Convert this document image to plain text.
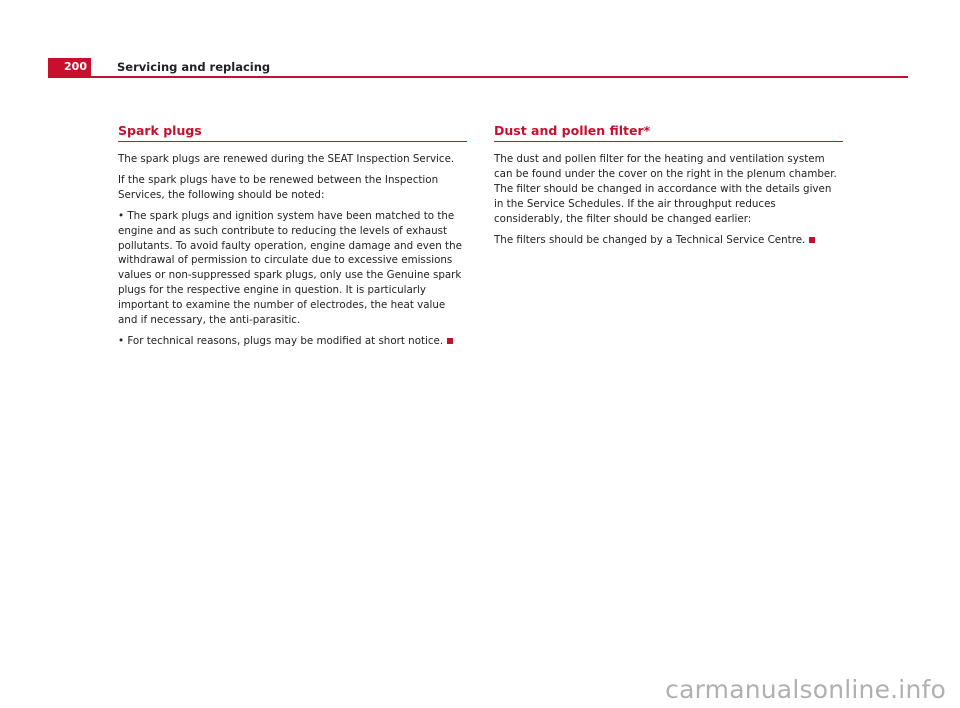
200	Servicing and replacing
Spark plugs

The spark plugs are renewed during the SEAT Inspection Service.

If the spark plugs have to be renewed between the Inspection Services, the following should be noted:

• The spark plugs and ignition system have been matched to the engine and as such contribute to reducing the levels of exhaust pollutants. To avoid faulty operation, engine damage and even the withdrawal of permission to circulate due to excessive emissions values or non-suppressed spark plugs, only use the Genuine spark plugs for the respective engine in question. It is particularly important to examine the number of electrodes, the heat value and if necessary, the anti-parasitic.

• For technical reasons, plugs may be modified at short notice.

Dust and pollen filter*

The dust and pollen filter for the heating and ventilation system can be found under the cover on the right in the plenum chamber. The filter should be changed in accordance with the details given in the Service Schedules. If the air throughput reduces considerably, the filter should be changed earlier:

The filters should be changed by a Technical Service Centre.

carmanualsonline.info
